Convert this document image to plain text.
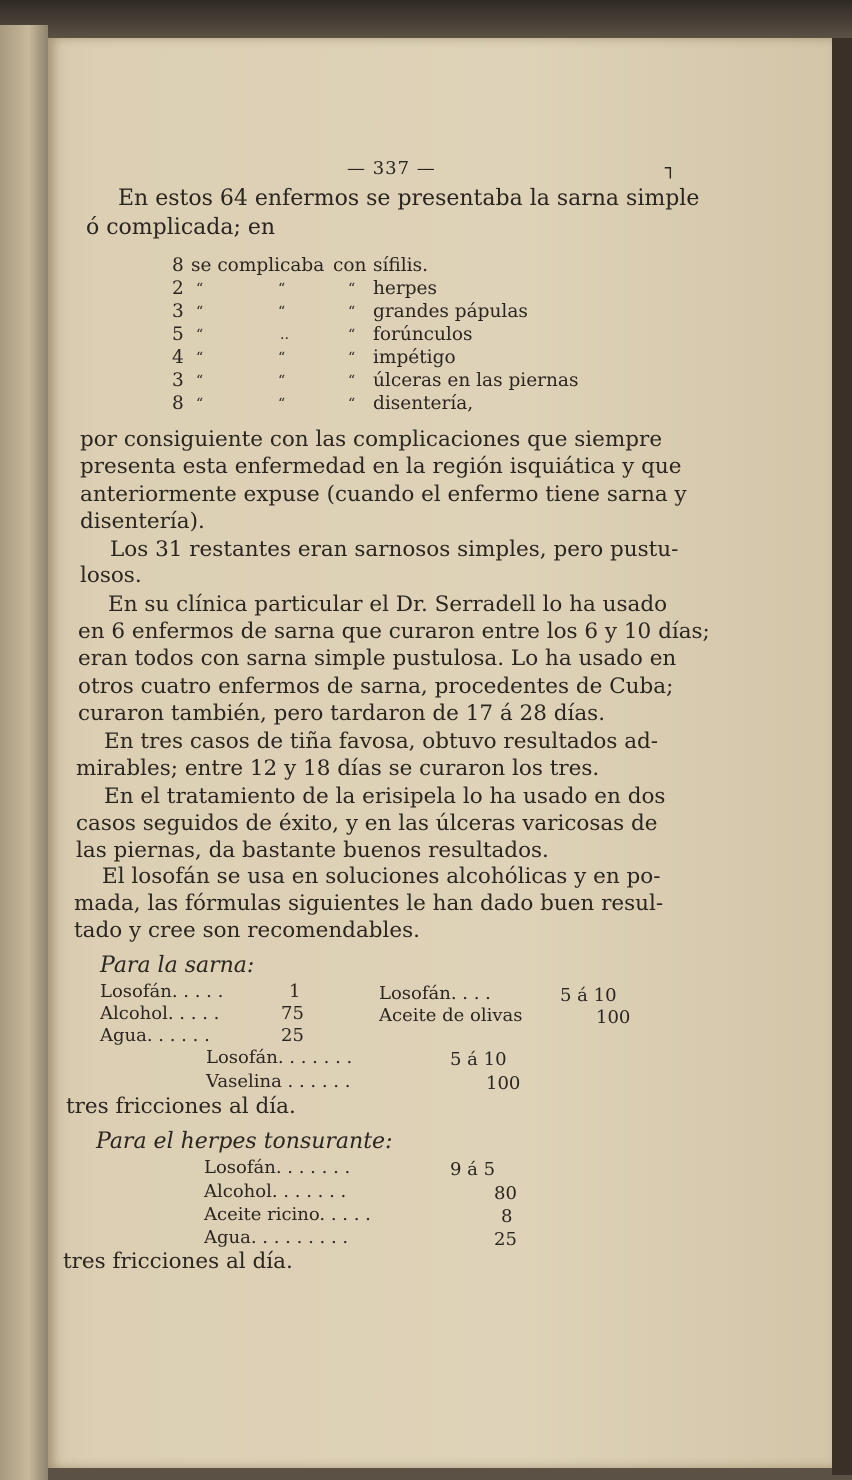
— 337 —	┐
En estos 64 enfermos se presentaba la sarna simple
ó complicada; en
8 se complicaba con sífilis.
2 “	“	“ herpes
3 “	“	“ grandes pápulas
5 “	..	“ forúnculos
4 “	“	“ impétigo
3 “	“	“ úlceras en las piernas
8 “	“	“ disentería,
por consiguiente con las complicaciones que siempre
presenta esta enfermedad en la región isquiática y que
anteriormente expuse (cuando el enfermo tiene sarna y
disentería).
Los 31 restantes eran sarnosos simples, pero pustu-
losos.
En su clínica particular el Dr. Serradell lo ha usado
en 6 enfermos de sarna que curaron entre los 6 y 10 días;
eran todos con sarna simple pustulosa. Lo ha usado en
otros cuatro enfermos de sarna, procedentes de Cuba;
curaron también, pero tardaron de 17 á 28 días.
En tres casos de tiña favosa, obtuvo resultados ad-
mirables; entre 12 y 18 días se curaron los tres.
En el tratamiento de la erisipela lo ha usado en dos
casos seguidos de éxito, y en las úlceras varicosas de
las piernas, da bastante buenos resultados.
El losofán se usa en soluciones alcohólicas y en po-
mada, las fórmulas siguientes le han dado buen resul-
tado y cree son recomendables.
Para la sarna:
Losofán. . . . .	1
Alcohol. . . . .	75
Agua. . . . . .	25
Losofán. . . .	5 á 10
Aceite de olivas	100
Losofán. . . . . . .	5 á 10
Vaselina . . . . . .	100
tres fricciones al día.
Para el herpes tonsurante:
Losofán. . . . . . .	9 á 5
Alcohol. . . . . . .	80
Aceite ricino. . . . .	8
Agua. . . . . . . . .	25
tres fricciones al día.
